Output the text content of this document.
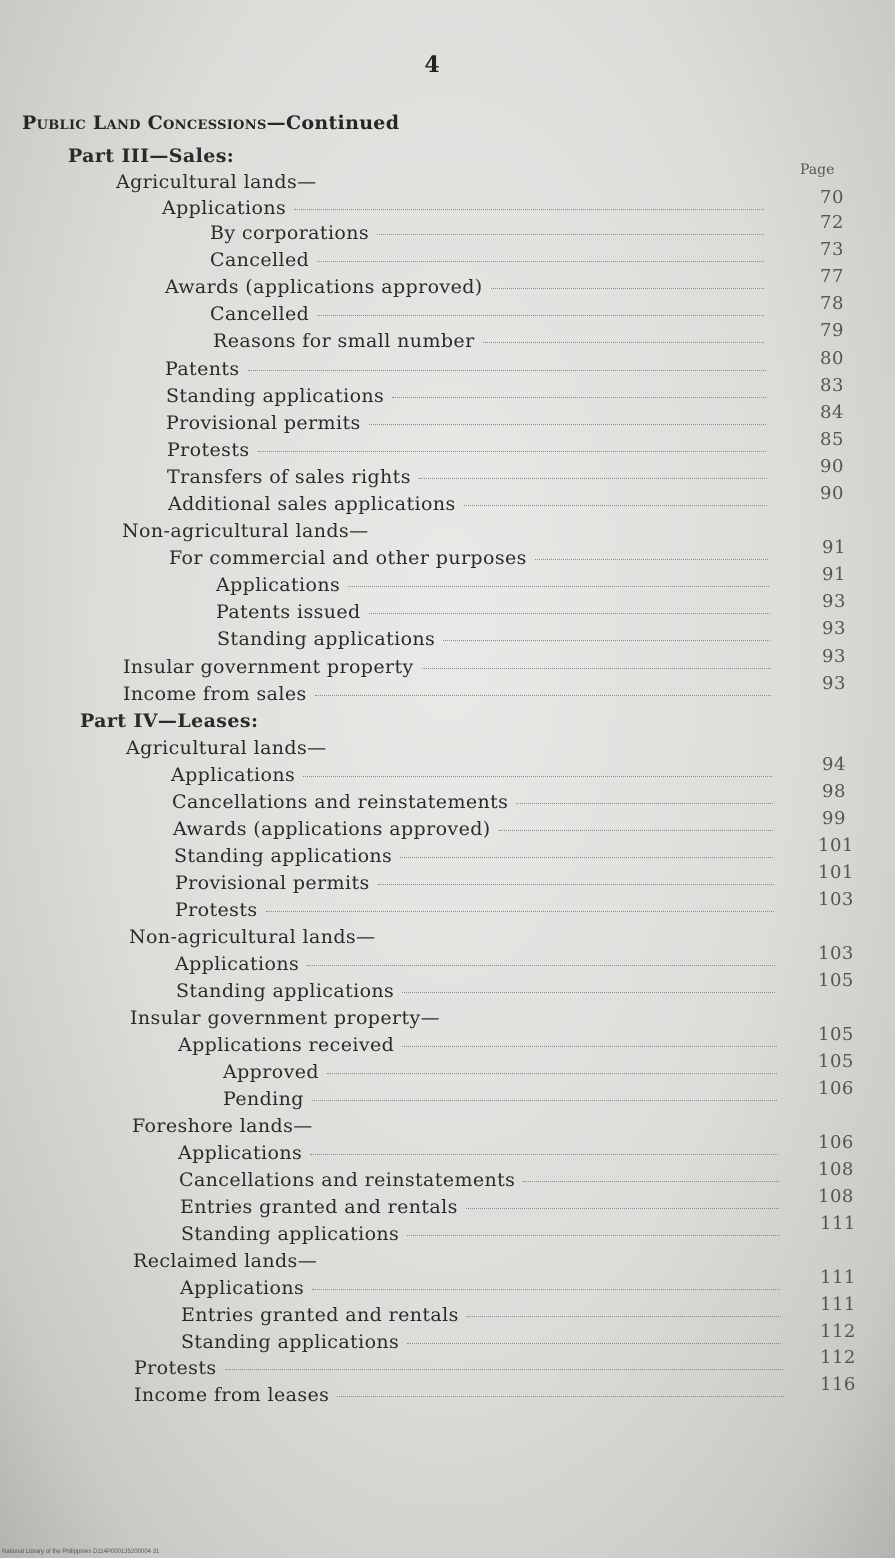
4
Public Land Concessions—Continued
Page
Part III—Sales:
Agricultural lands—
Applications	70
By corporations	72
Cancelled	73
Awards (applications approved)	77
Cancelled	78
Reasons for small number	79
Patents	80
Standing applications	83
Provisional permits	84
Protests	85
Transfers of sales rights	90
Additional sales applications	90
Non-agricultural lands—
For commercial and other purposes	91
Applications	91
Patents issued	93
Standing applications	93
Insular government property	93
Income from sales	93
Part IV—Leases:
Agricultural lands—
Applications	94
Cancellations and reinstatements	98
Awards (applications approved)	99
Standing applications	101
Provisional permits	101
Protests	103
Non-agricultural lands—
Applications	103
Standing applications	105
Insular government property—
Applications received	105
Approved	105
Pending	106
Foreshore lands—
Applications	106
Cancellations and reinstatements	108
Entries granted and rentals	108
Standing applications	111
Reclaimed lands—
Applications	111
Entries granted and rentals	111
Standing applications	112
Protests	112
Income from leases	116
National Library of the Philippines D114P000135200004 31
